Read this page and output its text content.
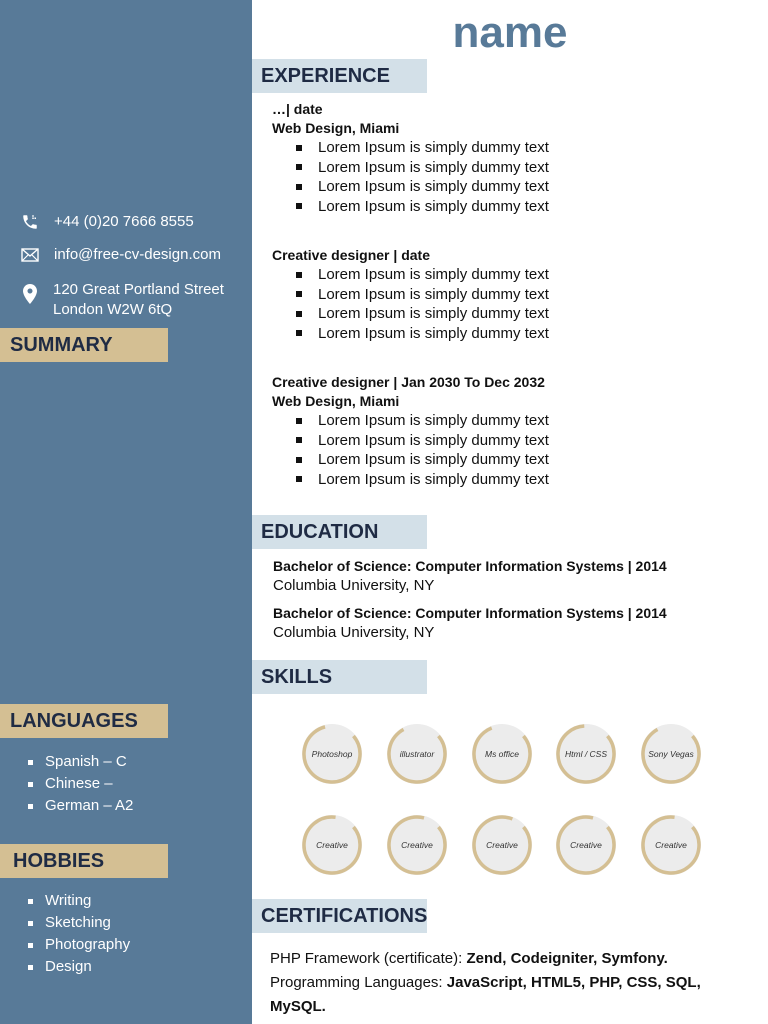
+44 (0)20 7666 8555
info@free-cv-design.com
120 Great Portland Street
London W2W 6tQ
SUMMARY
LANGUAGES
Spanish – C
Chinese –
German – A2
HOBBIES
Writing
Sketching
Photography
Design
name
EXPERIENCE
…| date
Web Design, Miami
Lorem Ipsum is simply dummy text
Lorem Ipsum is simply dummy text
Lorem Ipsum is simply dummy text
Lorem Ipsum is simply dummy text
Creative designer | date
Lorem Ipsum is simply dummy text
Lorem Ipsum is simply dummy text
Lorem Ipsum is simply dummy text
Lorem Ipsum is simply dummy text
Creative designer | Jan 2030 To Dec 2032
Web Design, Miami
Lorem Ipsum is simply dummy text
Lorem Ipsum is simply dummy text
Lorem Ipsum is simply dummy text
Lorem Ipsum is simply dummy text
EDUCATION
Bachelor of Science: Computer Information Systems | 2014
Columbia University, NY
Bachelor of Science: Computer Information Systems | 2014
Columbia University, NY
SKILLS
Photoshop	illustrator	Ms office	Html / CSS	Sony Vegas
Creative	Creative	Creative	Creative	Creative
CERTIFICATIONS
PHP Framework (certificate): Zend, Codeigniter, Symfony.
Programming Languages: JavaScript, HTML5, PHP, CSS, SQL, MySQL.
